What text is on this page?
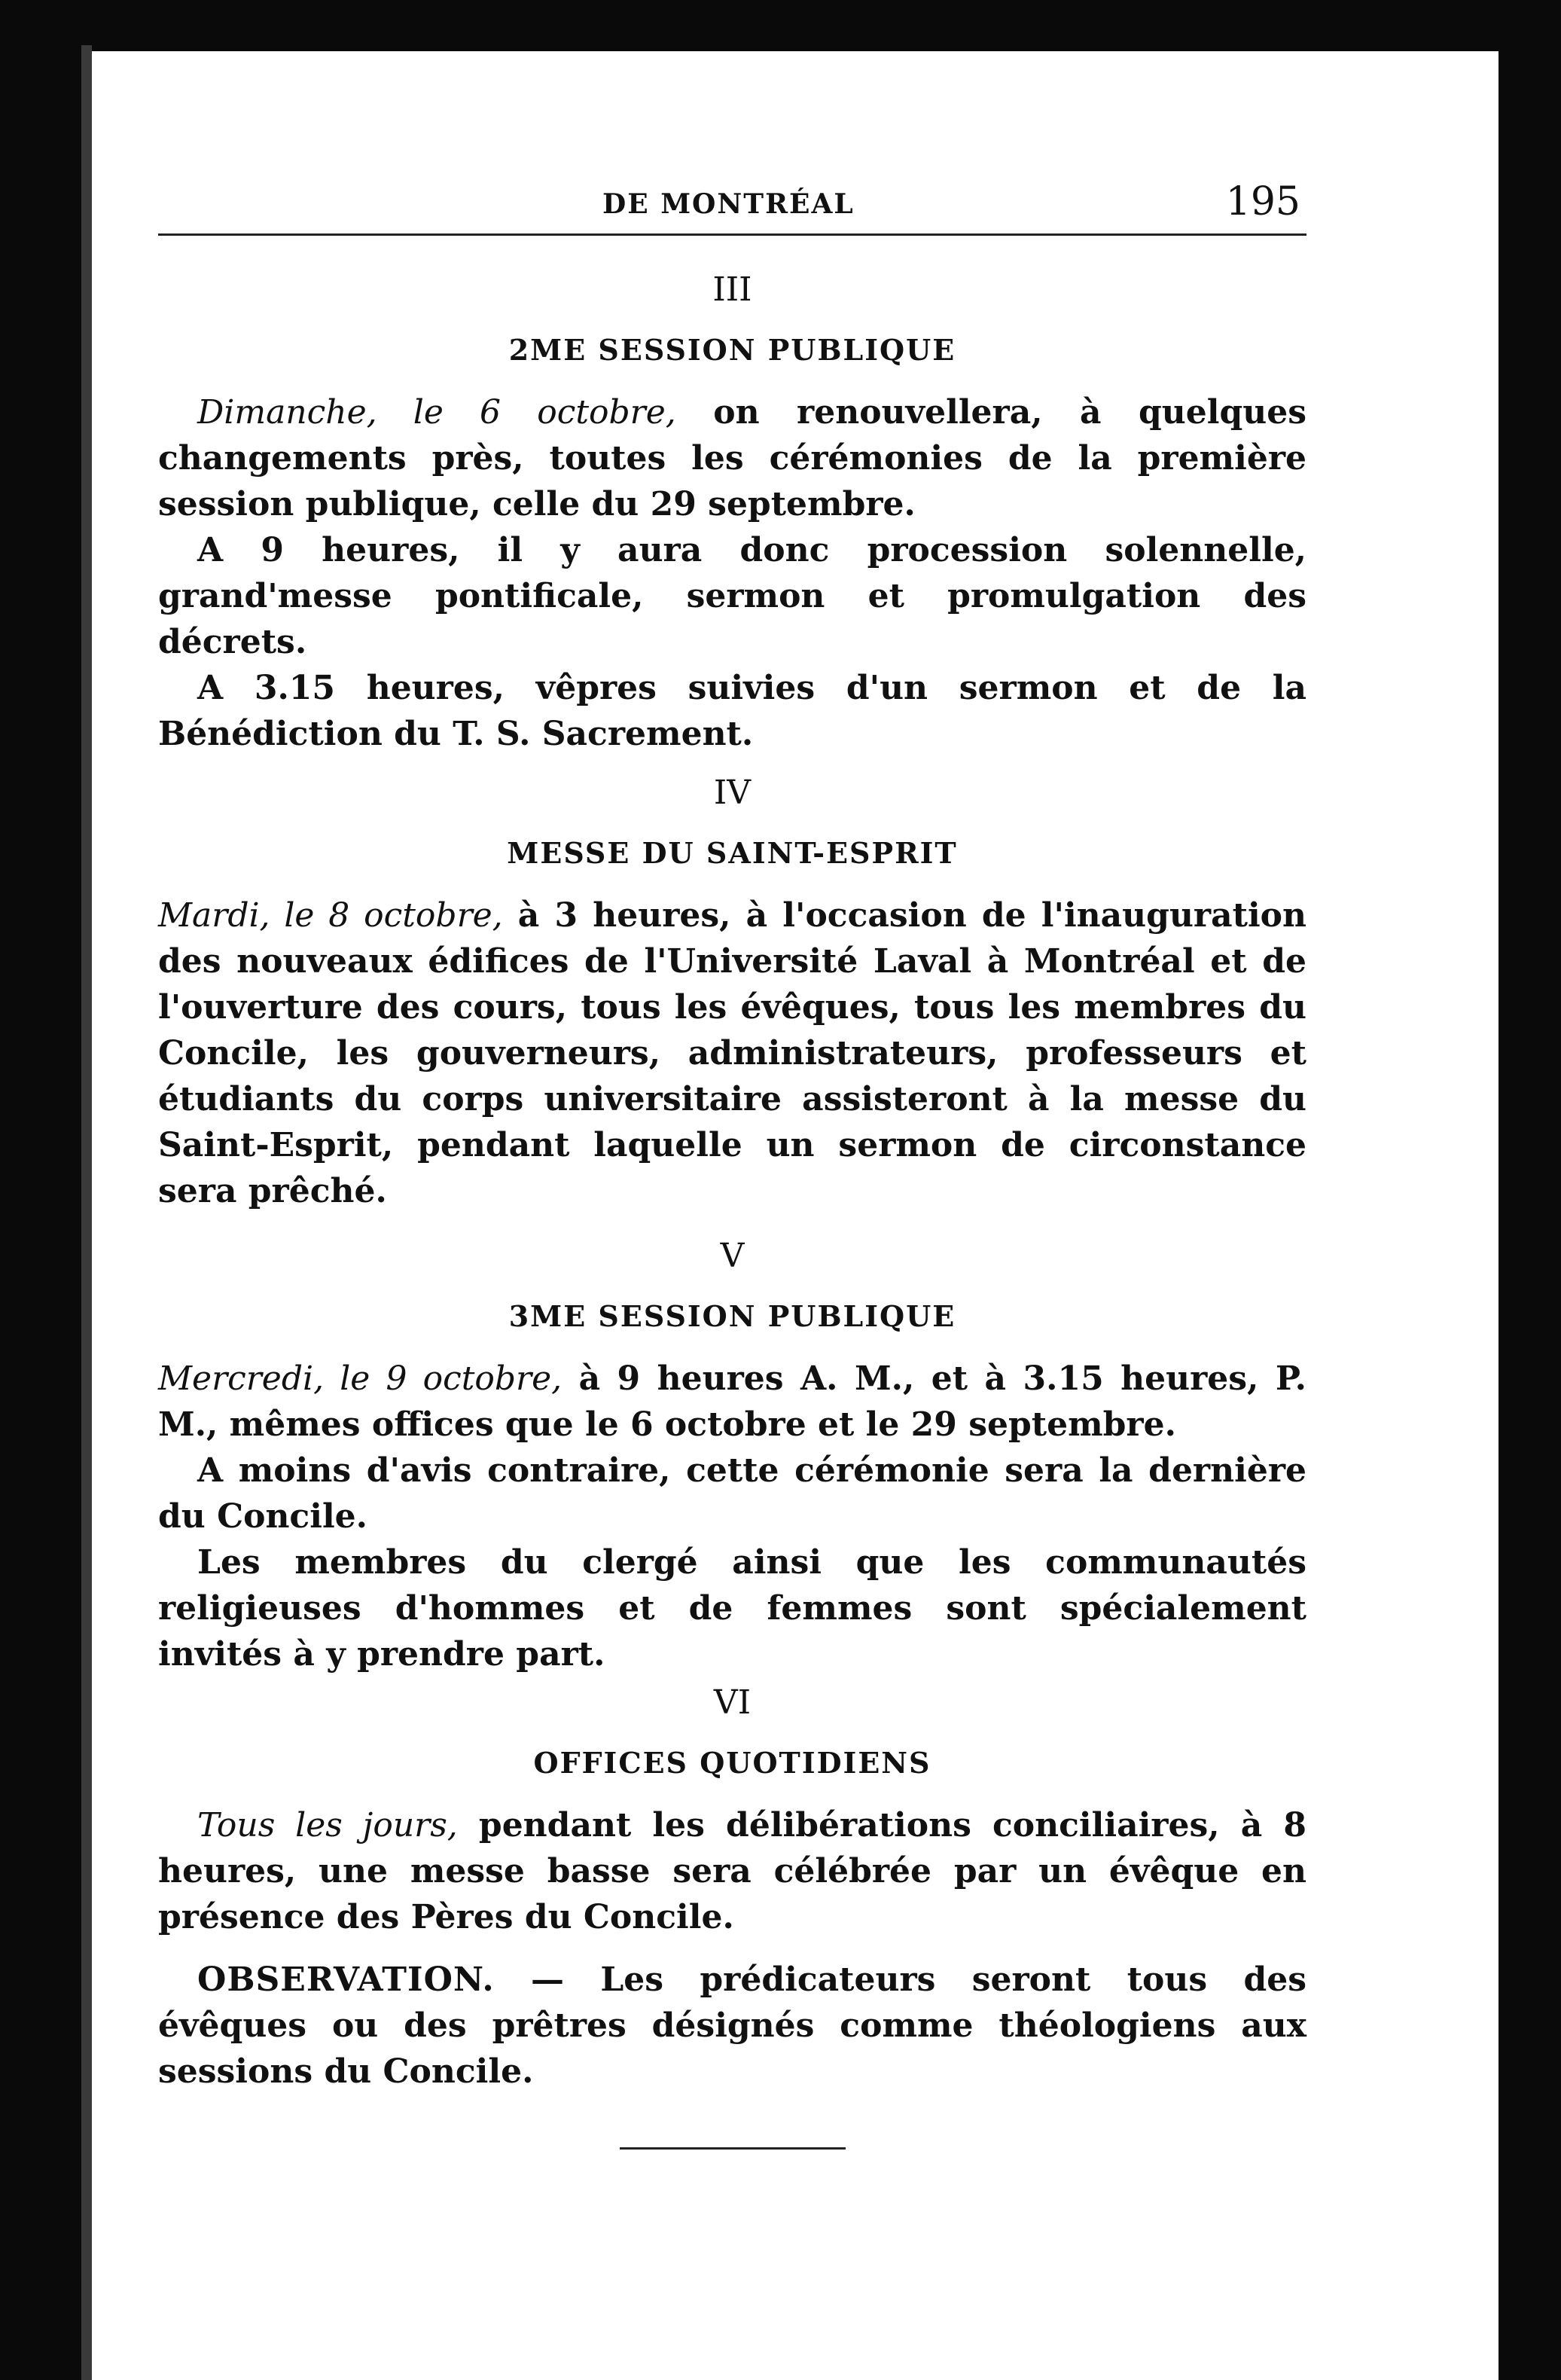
DE MONTRÉAL	195
III
2ME SESSION PUBLIQUE

Dimanche, le 6 octobre, on renouvellera, à quelques changements près, toutes les cérémonies de la première session publique, celle du 29 septembre.

A 9 heures, il y aura donc procession solennelle, grand'messe pontificale, sermon et promulgation des décrets.

A 3.15 heures, vêpres suivies d'un sermon et de la Bénédiction du T. S. Sacrement.

IV
MESSE DU SAINT-ESPRIT

Mardi, le 8 octobre, à 3 heures, à l'occasion de l'inauguration des nouveaux édifices de l'Université Laval à Montréal et de l'ouverture des cours, tous les évêques, tous les membres du Concile, les gouverneurs, administrateurs, professeurs et étudiants du corps universitaire assisteront à la messe du Saint-Esprit, pendant laquelle un sermon de circonstance sera prêché.

V
3ME SESSION PUBLIQUE

Mercredi, le 9 octobre, à 9 heures A. M., et à 3.15 heures, P. M., mêmes offices que le 6 octobre et le 29 septembre.

A moins d'avis contraire, cette cérémonie sera la dernière du Concile.

Les membres du clergé ainsi que les communautés religieuses d'hommes et de femmes sont spécialement invités à y prendre part.

VI
OFFICES QUOTIDIENS

Tous les jours, pendant les délibérations conciliaires, à 8 heures, une messe basse sera célébrée par un évêque en présence des Pères du Concile.

OBSERVATION. — Les prédicateurs seront tous des évêques ou des prêtres désignés comme théologiens aux sessions du Concile.
